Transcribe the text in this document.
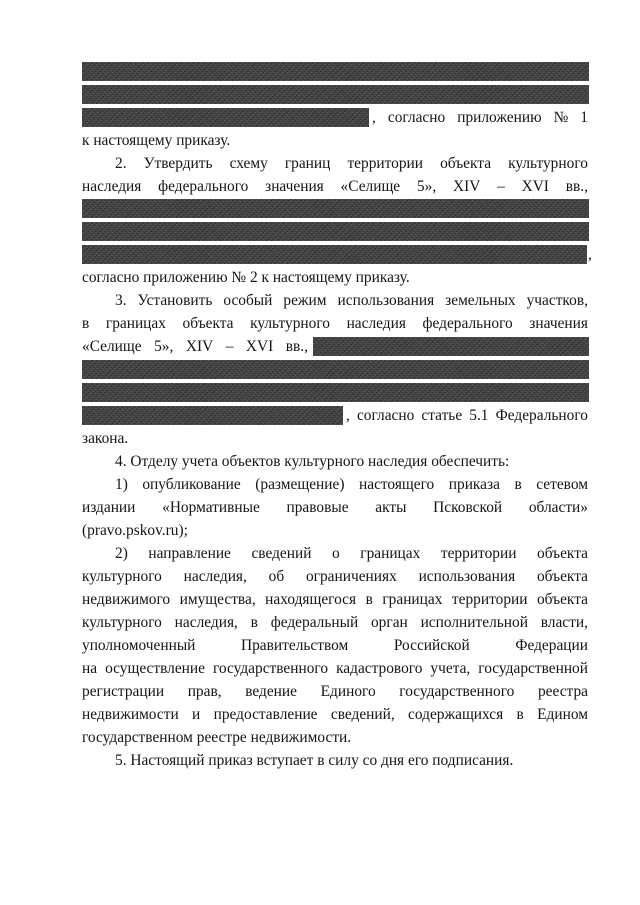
, согласно приложению № 1
к настоящему приказу.
2. Утвердить схему границ территории объекта культурного
наследия федерального значения «Селище 5», XIV – XVI вв.,
,
согласно приложению № 2 к настоящему приказу.
3. Установить особый режим использования земельных участков,
в границах объекта культурного наследия федерального значения
«Селище 5», XIV – XVI вв.,
, согласно статье 5.1 Федерального
закона.
4. Отделу учета объектов культурного наследия обеспечить:
1) опубликование (размещение) настоящего приказа в сетевом
издании «Нормативные правовые акты Псковской области»
(pravo.pskov.ru);
2) направление сведений о границах территории объекта
культурного наследия, об ограничениях использования объекта
недвижимого имущества, находящегося в границах территории объекта
культурного наследия, в федеральный орган исполнительной власти,
уполномоченный	Правительством	Российской	Федерации
на осуществление государственного кадастрового учета, государственной
регистрации прав, ведение Единого государственного реестра
недвижимости и предоставление сведений, содержащихся в Едином
государственном реестре недвижимости.
5. Настоящий приказ вступает в силу со дня его подписания.
